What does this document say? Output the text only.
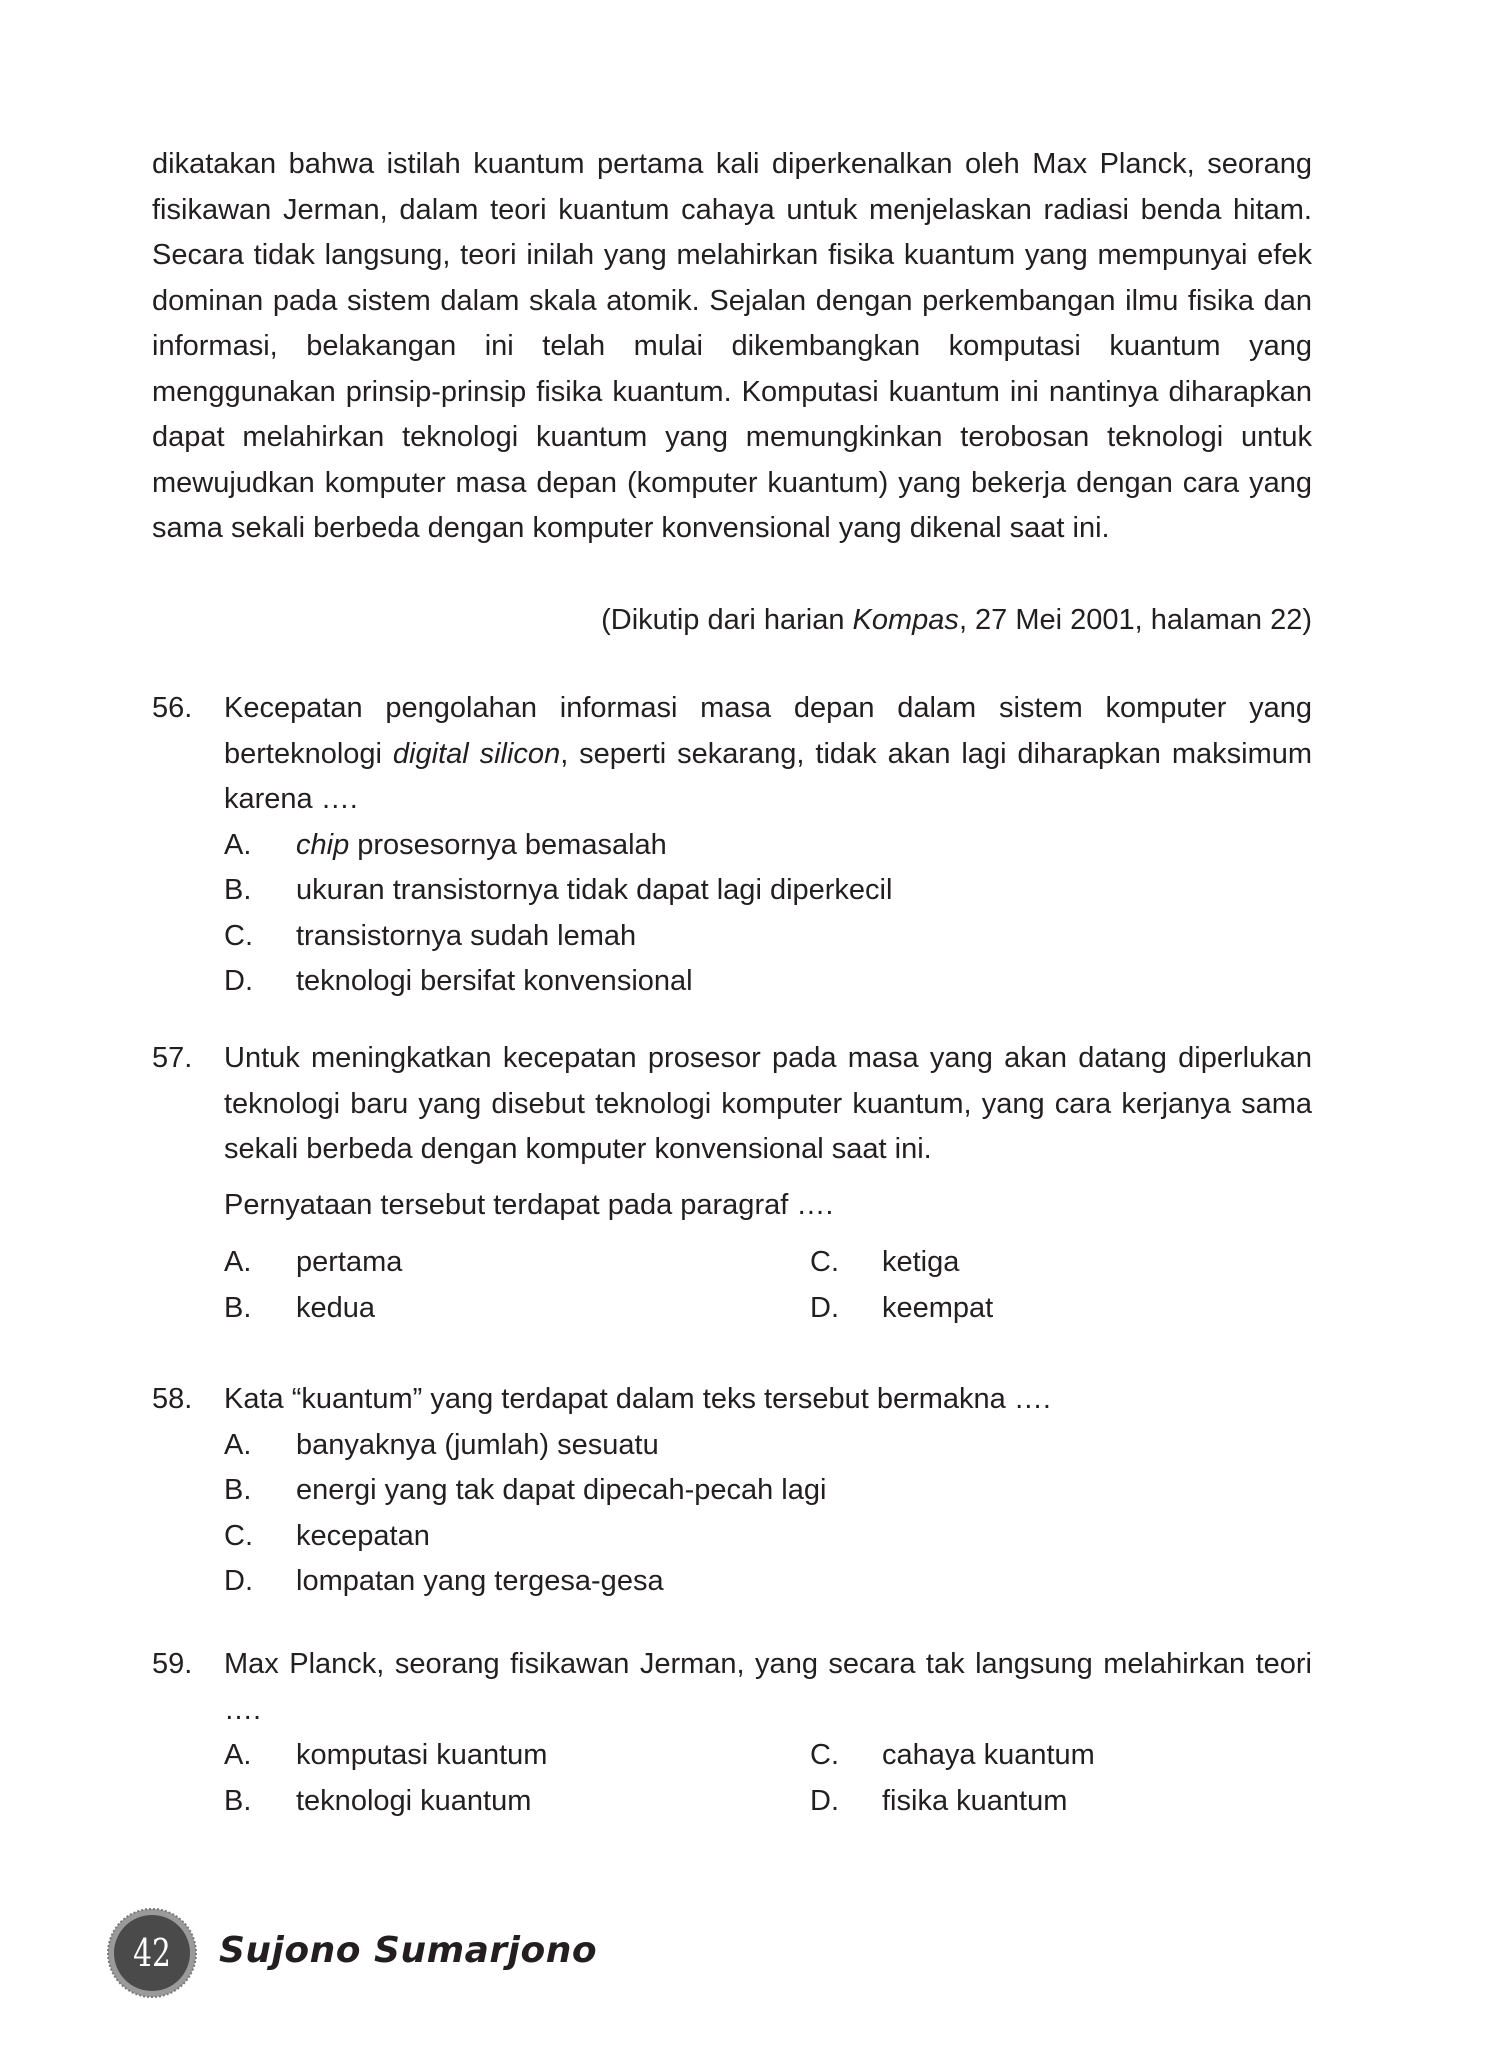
dikatakan bahwa istilah kuantum pertama kali diperkenalkan oleh Max Planck, seorang fisikawan Jerman, dalam teori kuantum cahaya untuk menjelaskan radiasi benda hitam. Secara tidak langsung, teori inilah yang melahirkan fisika kuantum yang mempunyai efek dominan pada sistem dalam skala atomik. Sejalan dengan perkembangan ilmu fisika dan informasi, belakangan ini telah mulai dikembangkan komputasi kuantum yang menggunakan prinsip-prinsip fisika kuantum. Komputasi kuantum ini nantinya diharapkan dapat melahirkan teknologi kuantum yang memungkinkan terobosan teknologi untuk mewujudkan komputer masa depan (komputer kuantum) yang bekerja dengan cara yang sama sekali berbeda dengan komputer konvensional yang dikenal saat ini.

(Dikutip dari harian Kompas, 27 Mei 2001, halaman 22)
56. Kecepatan pengolahan informasi masa depan dalam sistem komputer yang berteknologi digital silicon, seperti sekarang, tidak akan lagi diharapkan maksimum karena ….
A. chip prosesornya bemasalah
B. ukuran transistornya tidak dapat lagi diperkecil
C. transistornya sudah lemah
D. teknologi bersifat konvensional
57. Untuk meningkatkan kecepatan prosesor pada masa yang akan datang diperlukan teknologi baru yang disebut teknologi komputer kuantum, yang cara kerjanya sama sekali berbeda dengan komputer konvensional saat ini.
Pernyataan tersebut terdapat pada paragraf ….
A. pertama	C. ketiga
B. kedua	D. keempat
58. Kata “kuantum” yang terdapat dalam teks tersebut bermakna ….
A. banyaknya (jumlah) sesuatu
B. energi yang tak dapat dipecah-pecah lagi
C. kecepatan
D. lompatan yang tergesa-gesa
59. Max Planck, seorang fisikawan Jerman, yang secara tak langsung melahirkan teori ….
A. komputasi kuantum	C. cahaya kuantum
B. teknologi kuantum	D. fisika kuantum
42	Sujono Sumarjono
